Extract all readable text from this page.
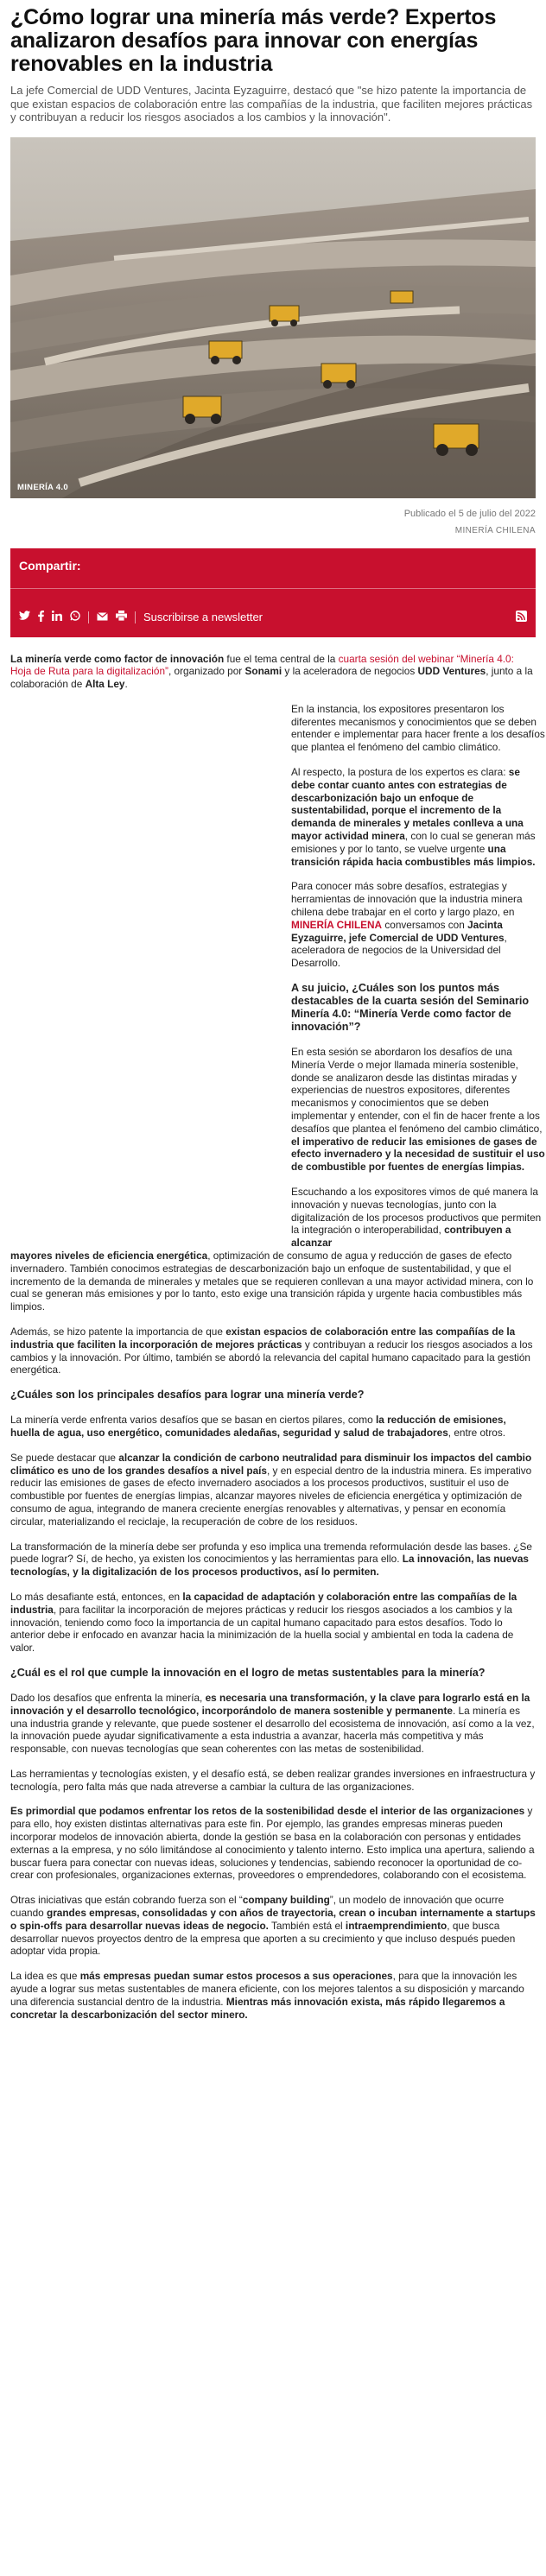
¿Cómo lograr una minería más verde? Expertos analizaron desafíos para innovar con energías renovables en la industria

La jefe Comercial de UDD Ventures, Jacinta Eyzaguirre, destacó que "se hizo patente la importancia de que existan espacios de colaboración entre las compañías de la industria, que faciliten mejores prácticas y contribuyan a reducir los riesgos asociados a los cambios y la innovación".

MINERÍA 4.0
Publicado el 5 de julio del 2022
MINERÍA CHILENA
Compartir:
Suscribirse a newsletter

La minería verde como factor de innovación fue el tema central de la cuarta sesión del webinar “Minería 4.0: Hoja de Ruta para la digitalización”, organizado por Sonami y la aceleradora de negocios UDD Ventures, junto a la colaboración de Alta Ley.

En la instancia, los expositores presentaron los diferentes mecanismos y conocimientos que se deben entender e implementar para hacer frente a los desafíos que plantea el fenómeno del cambio climático.

Al respecto, la postura de los expertos es clara: se debe contar cuanto antes con estrategias de descarbonización bajo un enfoque de sustentabilidad, porque el incremento de la demanda de minerales y metales conlleva a una mayor actividad minera, con lo cual se generan más emisiones y por lo tanto, se vuelve urgente una transición rápida hacia combustibles más limpios.

Para conocer más sobre desafíos, estrategias y herramientas de innovación que la industria minera chilena debe trabajar en el corto y largo plazo, en MINERÍA CHILENA conversamos con Jacinta Eyzaguirre, jefe Comercial de UDD Ventures, aceleradora de negocios de la Universidad del Desarrollo.

A su juicio, ¿Cuáles son los puntos más destacables de la cuarta sesión del Seminario Minería 4.0: “Minería Verde como factor de innovación”?

En esta sesión se abordaron los desafíos de una Minería Verde o mejor llamada minería sostenible, donde se analizaron desde las distintas miradas y experiencias de nuestros expositores, diferentes mecanismos y conocimientos que se deben implementar y entender, con el fin de hacer frente a los desafíos que plantea el fenómeno del cambio climático, el imperativo de reducir las emisiones de gases de efecto invernadero y la necesidad de sustituir el uso de combustible por fuentes de energías limpias.

Escuchando a los expositores vimos de qué manera la innovación y nuevas tecnologías, junto con la digitalización de los procesos productivos que permiten la integración o interoperabilidad, contribuyen a alcanzar

mayores niveles de eficiencia energética, optimización de consumo de agua y reducción de gases de efecto invernadero. También conocimos estrategias de descarbonización bajo un enfoque de sustentabilidad, y que el incremento de la demanda de minerales y metales que se requieren conllevan a una mayor actividad minera, con lo cual se generan más emisiones y por lo tanto, esto exige una transición rápida y urgente hacia combustibles más limpios.

Además, se hizo patente la importancia de que existan espacios de colaboración entre las compañías de la industria que faciliten la incorporación de mejores prácticas y contribuyan a reducir los riesgos asociados a los cambios y la innovación. Por último, también se abordó la relevancia del capital humano capacitado para la gestión energética.

¿Cuáles son los principales desafíos para lograr una minería verde?

La minería verde enfrenta varios desafíos que se basan en ciertos pilares, como la reducción de emisiones, huella de agua, uso energético, comunidades aledañas, seguridad y salud de trabajadores, entre otros.

Se puede destacar que alcanzar la condición de carbono neutralidad para disminuir los impactos del cambio climático es uno de los grandes desafíos a nivel país, y en especial dentro de la industria minera. Es imperativo reducir las emisiones de gases de efecto invernadero asociados a los procesos productivos, sustituir el uso de combustible por fuentes de energías limpias, alcanzar mayores niveles de eficiencia energética y optimización de consumo de agua, integrando de manera creciente energías renovables y alternativas, y pensar en economía circular, materializando el reciclaje, la recuperación de cobre de los residuos.

La transformación de la minería debe ser profunda y eso implica una tremenda reformulación desde las bases. ¿Se puede lograr? Sí, de hecho, ya existen los conocimientos y las herramientas para ello. La innovación, las nuevas tecnologías, y la digitalización de los procesos productivos, así lo permiten.

Lo más desafiante está, entonces, en la capacidad de adaptación y colaboración entre las compañías de la industria, para facilitar la incorporación de mejores prácticas y reducir los riesgos asociados a los cambios y la innovación, teniendo como foco la importancia de un capital humano capacitado para estos desafíos. Todo lo anterior debe ir enfocado en avanzar hacia la minimización de la huella social y ambiental en toda la cadena de valor.

¿Cuál es el rol que cumple la innovación en el logro de metas sustentables para la minería?

Dado los desafíos que enfrenta la minería, es necesaria una transformación, y la clave para lograrlo está en la innovación y el desarrollo tecnológico, incorporándolo de manera sostenible y permanente. La minería es una industria grande y relevante, que puede sostener el desarrollo del ecosistema de innovación, así como a la vez, la innovación puede ayudar significativamente a esta industria a avanzar, hacerla más competitiva y más responsable, con nuevas tecnologías que sean coherentes con las metas de sostenibilidad.

Las herramientas y tecnologías existen, y el desafío está, se deben realizar grandes inversiones en infraestructura y tecnología, pero falta más que nada atreverse a cambiar la cultura de las organizaciones.

Es primordial que podamos enfrentar los retos de la sostenibilidad desde el interior de las organizaciones y para ello, hoy existen distintas alternativas para este fin. Por ejemplo, las grandes empresas mineras pueden incorporar modelos de innovación abierta, donde la gestión se basa en la colaboración con personas y entidades externas a la empresa, y no sólo limitándose al conocimiento y talento interno. Esto implica una apertura, saliendo a buscar fuera para conectar con nuevas ideas, soluciones y tendencias, sabiendo reconocer la oportunidad de co-crear con profesionales, organizaciones externas, proveedores o emprendedores, colaborando con el ecosistema.

Otras iniciativas que están cobrando fuerza son el “company building”, un modelo de innovación que ocurre cuando grandes empresas, consolidadas y con años de trayectoria, crean o incuban internamente a startups o spin-offs para desarrollar nuevas ideas de negocio. También está el intraemprendimiento, que busca desarrollar nuevos proyectos dentro de la empresa que aporten a su crecimiento y que incluso después pueden adoptar vida propia.

La idea es que más empresas puedan sumar estos procesos a sus operaciones, para que la innovación les ayude a lograr sus metas sustentables de manera eficiente, con los mejores talentos a su disposición y marcando una diferencia sustancial dentro de la industria. Mientras más innovación exista, más rápido llegaremos a concretar la descarbonización del sector minero.
